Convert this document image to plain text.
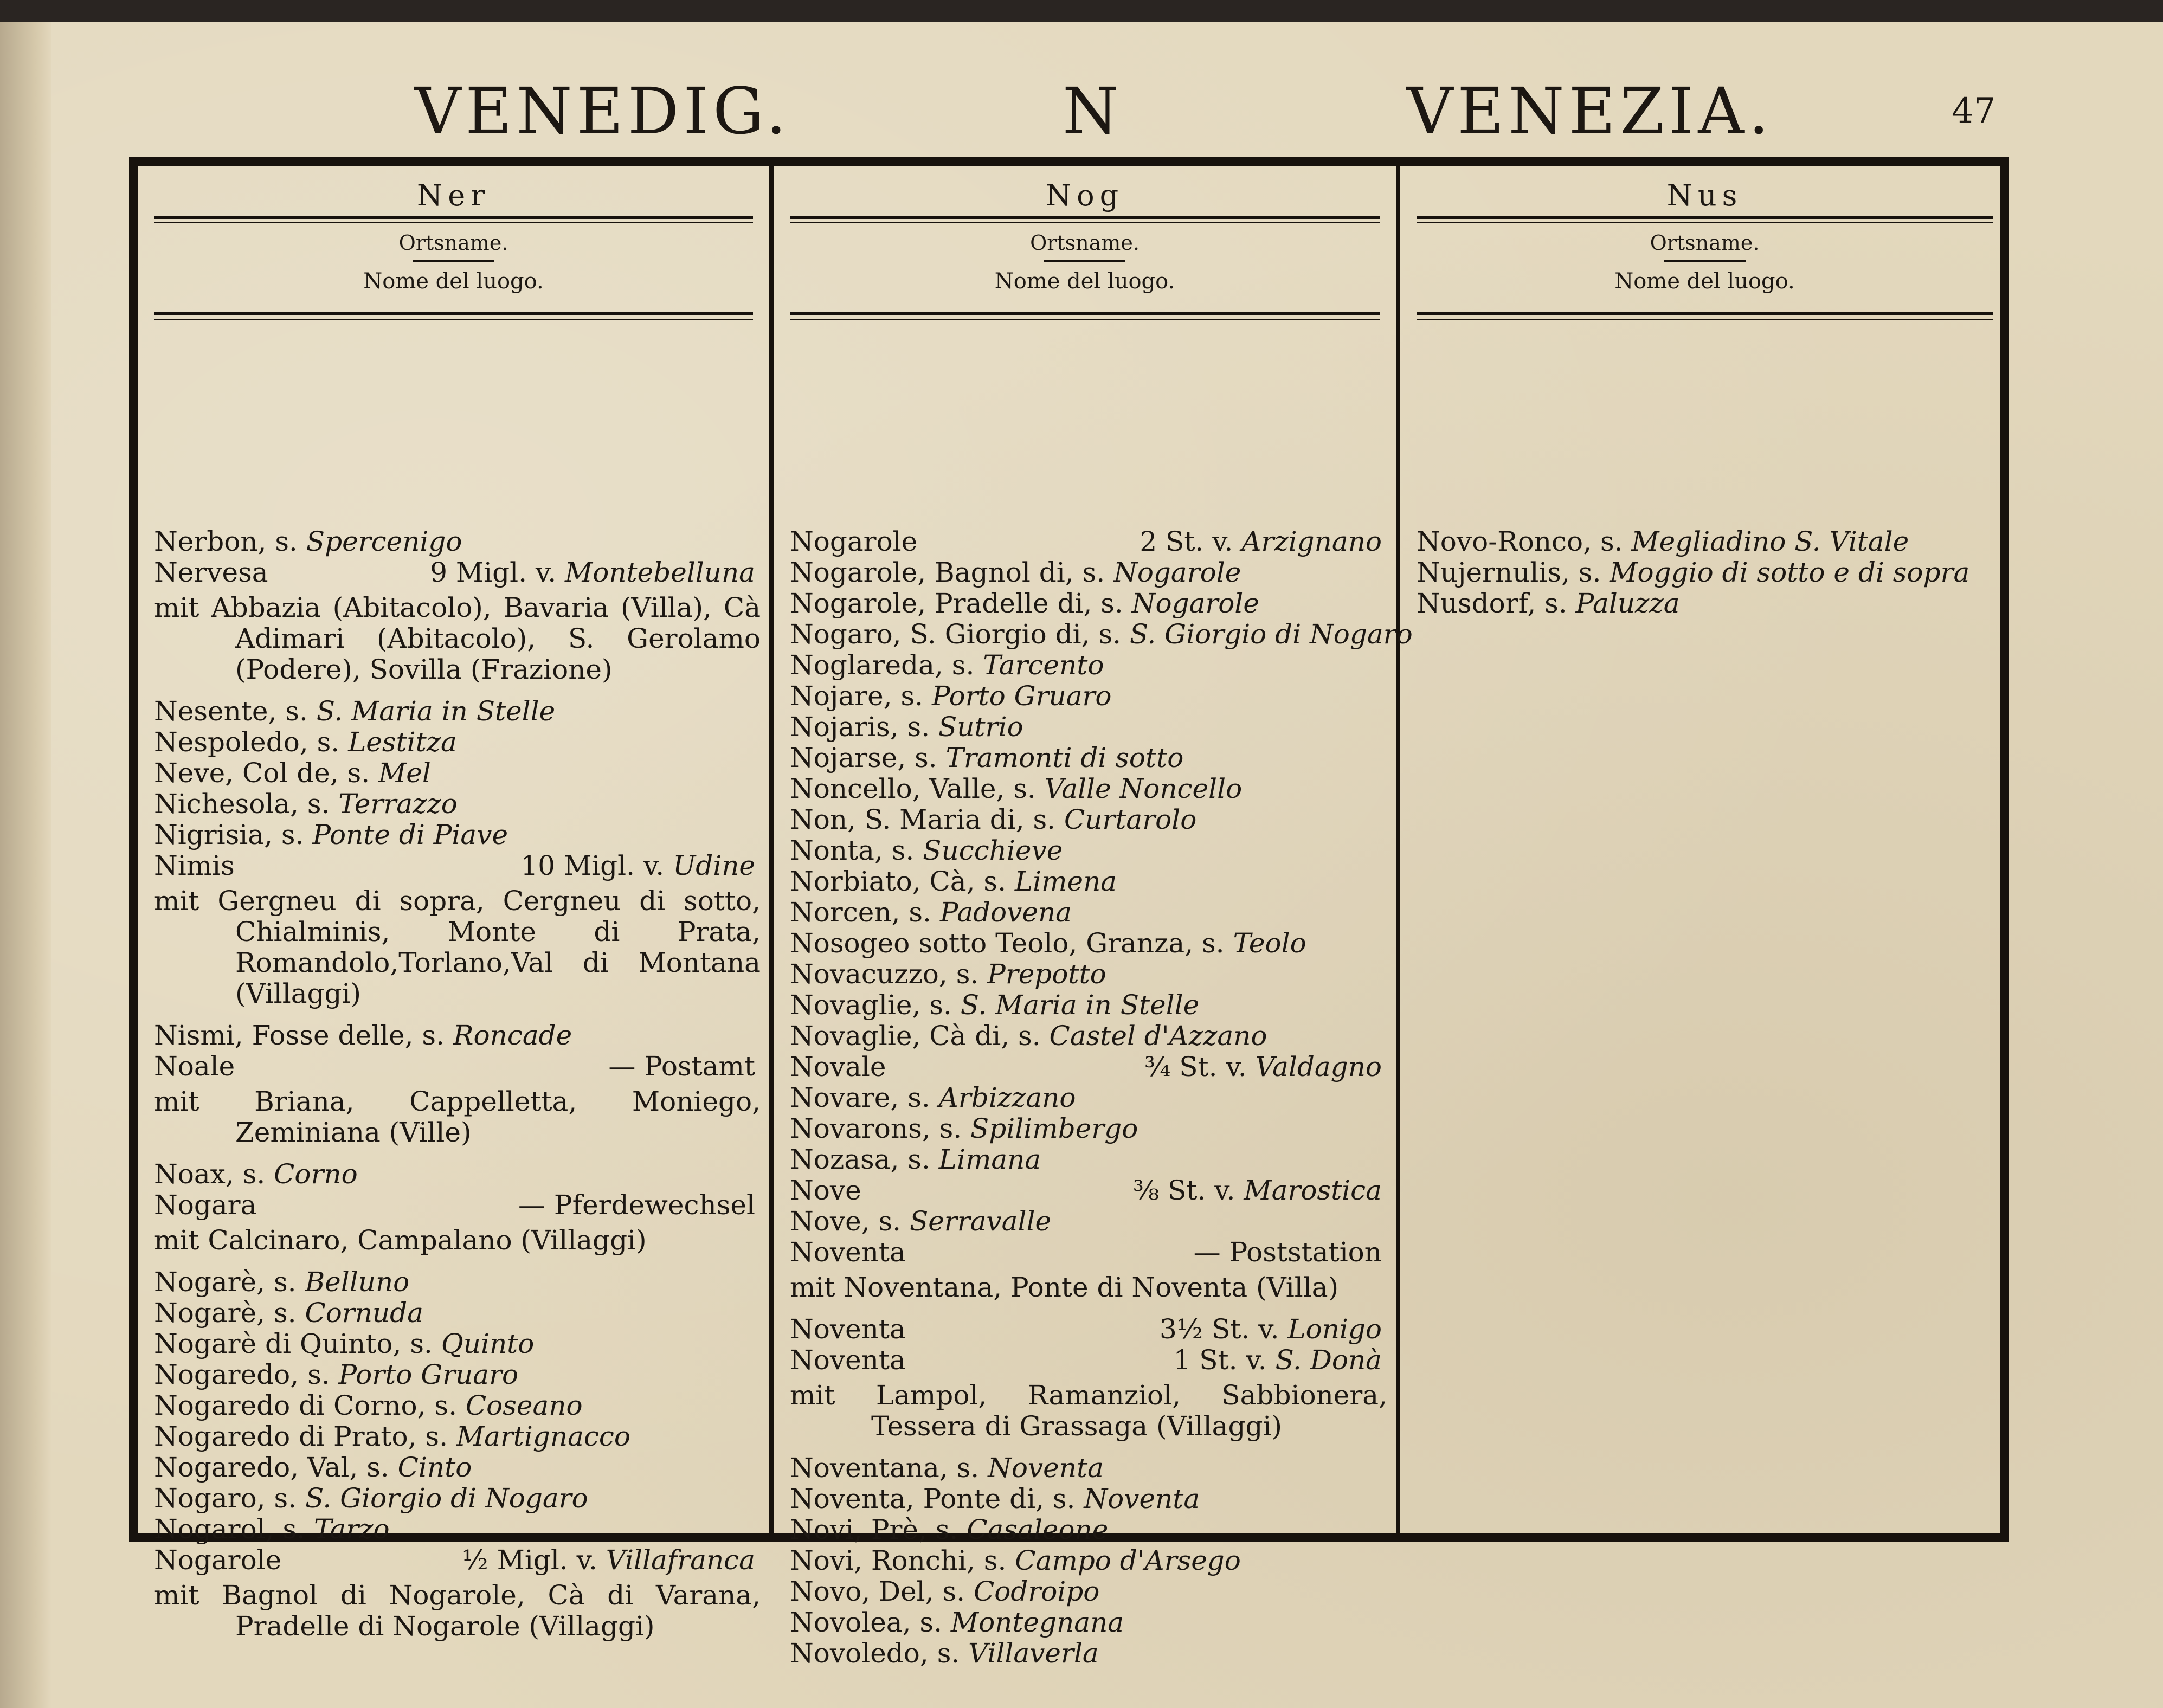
VENEDIG.	N	VENEZIA.	47
Ner
Ortsname.
Nome del luogo.
Nerbon, s. Spercenigo
Nervesa	9 Migl. v. Montebelluna
mit Abbazia (Abitacolo), Bavaria (Villa), Cà Adimari (Abitacolo), S. Gerolamo (Podere), Sovilla (Frazione)
Nesente, s. S. Maria in Stelle
Nespoledo, s. Lestitza
Neve, Col de, s. Mel
Nichesola, s. Terrazzo
Nigrisia, s. Ponte di Piave
Nimis	10 Migl. v. Udine
mit Gergneu di sopra, Cergneu di sotto, Chialminis, Monte di Prata, Romandolo,Torlano,Val di Montana (Villaggi)
Nismi, Fosse delle, s. Roncade
Noale	— Postamt
mit Briana, Cappelletta, Moniego, Zeminiana (Ville)
Noax, s. Corno
Nogara	— Pferdewechsel
mit Calcinaro, Campalano (Villaggi)
Nogarè, s. Belluno
Nogarè, s. Cornuda
Nogarè di Quinto, s. Quinto
Nogaredo, s. Porto Gruaro
Nogaredo di Corno, s. Coseano
Nogaredo di Prato, s. Martignacco
Nogaredo, Val, s. Cinto
Nogaro, s. S. Giorgio di Nogaro
Nogarol, s. Tarzo
Nogarole	½ Migl. v. Villafranca
mit Bagnol di Nogarole, Cà di Varana, Pradelle di Nogarole (Villaggi)
Nog
Ortsname.
Nome del luogo.
Nogarole	2 St. v. Arzignano
Nogarole, Bagnol di, s. Nogarole
Nogarole, Pradelle di, s. Nogarole
Nogaro, S. Giorgio di, s. S. Giorgio di Nogaro
Noglareda, s. Tarcento
Nojare, s. Porto Gruaro
Nojaris, s. Sutrio
Nojarse, s. Tramonti di sotto
Noncello, Valle, s. Valle Noncello
Non, S. Maria di, s. Curtarolo
Nonta, s. Succhieve
Norbiato, Cà, s. Limena
Norcen, s. Padovena
Nosogeo sotto Teolo, Granza, s. Teolo
Novacuzzo, s. Prepotto
Novaglie, s. S. Maria in Stelle
Novaglie, Cà di, s. Castel d'Azzano
Novale	¾ St. v. Valdagno
Novare, s. Arbizzano
Novarons, s. Spilimbergo
Nozasa, s. Limana
Nove	⅜ St. v. Marostica
Nove, s. Serravalle
Noventa	— Poststation
mit Noventana, Ponte di Noventa (Villa)
Noventa	3½ St. v. Lonigo
Noventa	1 St. v. S. Donà
mit Lampol, Ramanziol, Sabbionera, Tessera di Grassaga (Villaggi)
Noventana, s. Noventa
Noventa, Ponte di, s. Noventa
Novi, Prè, s. Casaleone
Novi, Ronchi, s. Campo d'Arsego
Novo, Del, s. Codroipo
Novolea, s. Montegnana
Novoledo, s. Villaverla
Nus
Ortsname.
Nome del luogo.
Novo-Ronco, s. Megliadino S. Vitale
Nujernulis, s. Moggio di sotto e di sopra
Nusdorf, s. Paluzza
